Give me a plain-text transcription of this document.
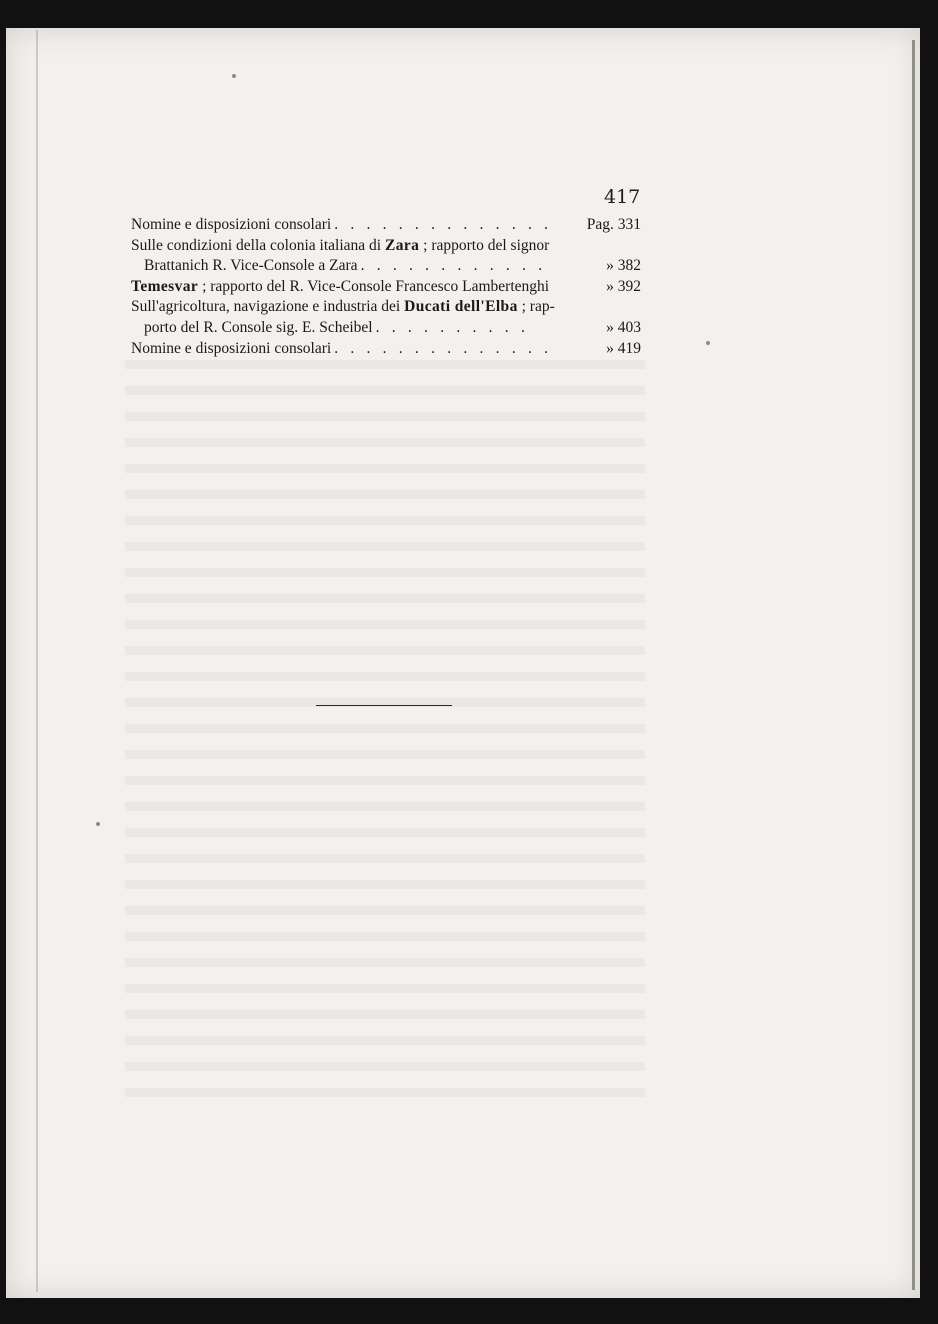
417
Nomine e disposizioni consolari . . . . . . . . . . . . . . Pag. 331
Sulle condizioni della colonia italiana di Zara ; rapporto del signor
Brattanich R. Vice-Console a Zara . . . . . . . . . . . .	» 382
Temesvar ; rapporto del R. Vice-Console Francesco Lambertenghi	» 392
Sull'agricoltura, navigazione e industria dei Ducati dell'Elba ; rap-
porto del R. Console sig. E. Scheibel . . . . . . . . . .	» 403
Nomine e disposizioni consolari . . . . . . . . . . . . . .	» 419
